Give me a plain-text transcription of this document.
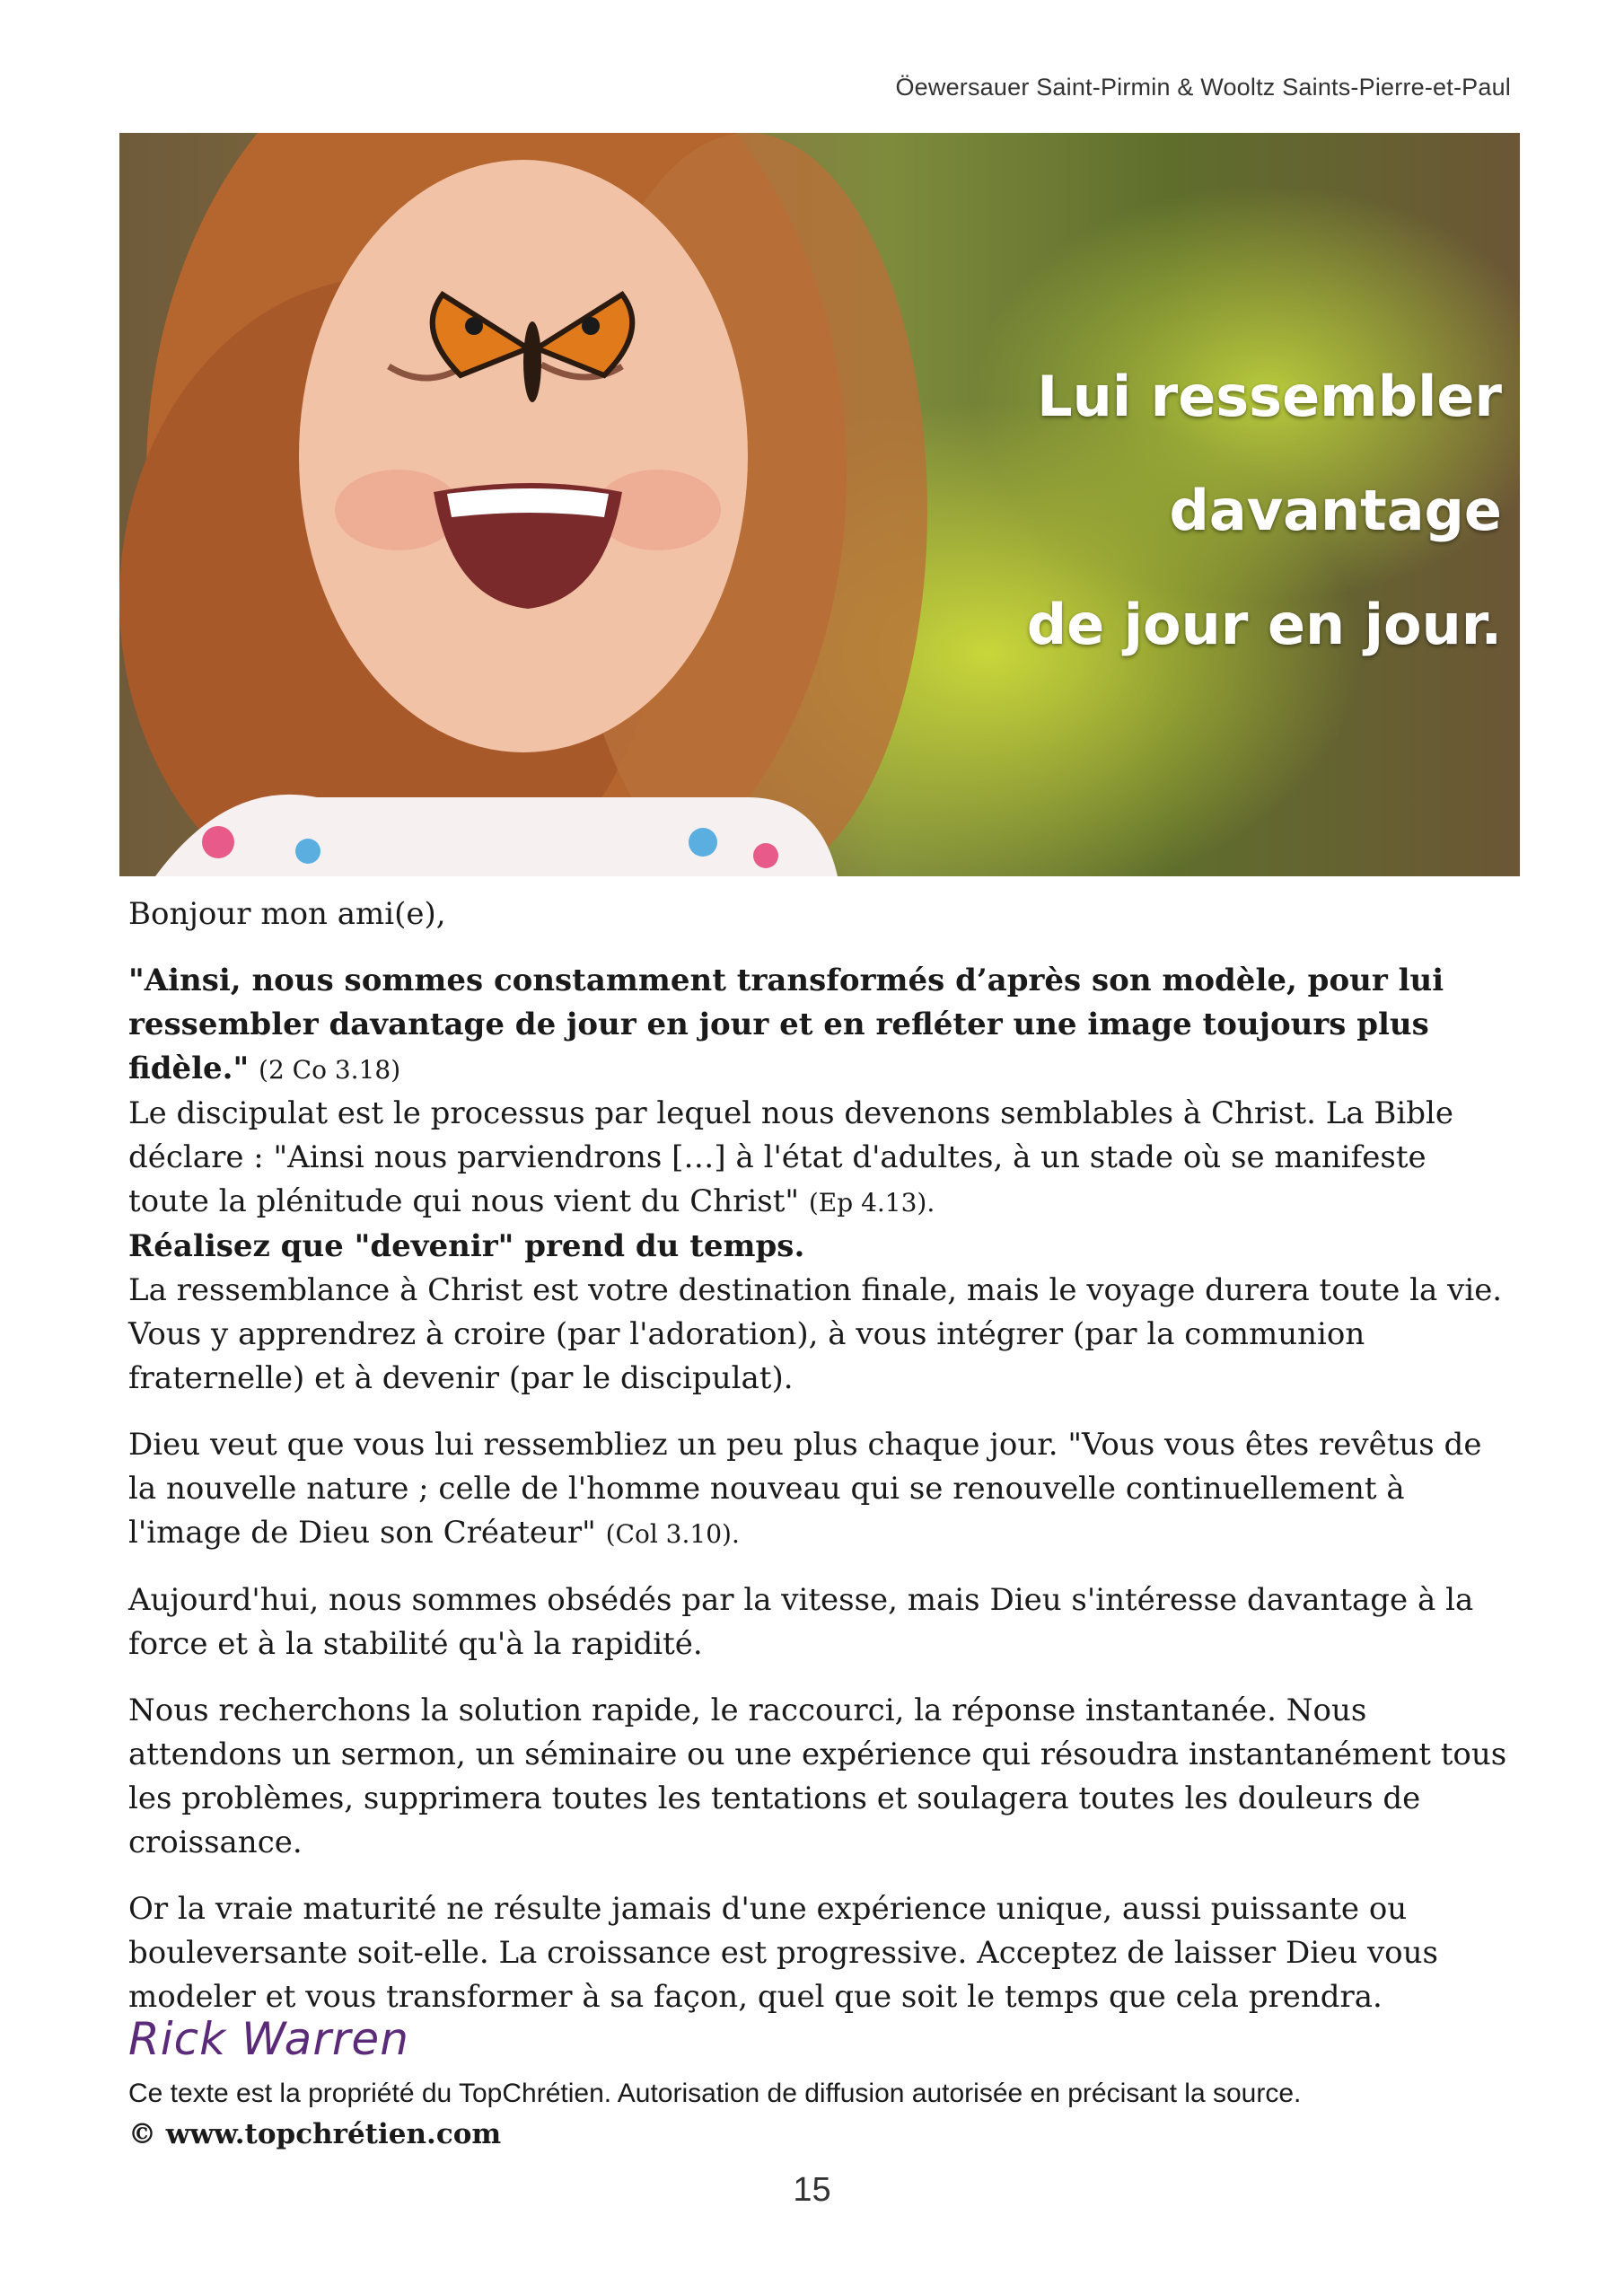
Öewersauer Saint-Pirmin & Wooltz Saints-Pierre-et-Paul
Lui ressembler
davantage
de jour en jour.

Bonjour mon ami(e),

"Ainsi, nous sommes constamment transformés d’après son modèle, pour lui ressembler davantage de jour en jour et en refléter une image toujours plus fidèle." (2 Co 3.18)

Le discipulat est le processus par lequel nous devenons semblables à Christ. La Bible déclare : "Ainsi nous parviendrons […] à l'état d'adultes, à un stade où se manifeste toute la plénitude qui nous vient du Christ" (Ep 4.13).

Réalisez que "devenir" prend du temps.

La ressemblance à Christ est votre destination finale, mais le voyage durera toute la vie. Vous y apprendrez à croire (par l'adoration), à vous intégrer (par la communion fraternelle) et à devenir (par le discipulat).

Dieu veut que vous lui ressembliez un peu plus chaque jour. "Vous vous êtes revêtus de la nouvelle nature ; celle de l'homme nouveau qui se renouvelle continuellement à l'image de Dieu son Créateur" (Col 3.10).

Aujourd'hui, nous sommes obsédés par la vitesse, mais Dieu s'intéresse davantage à la force et à la stabilité qu'à la rapidité.

Nous recherchons la solution rapide, le raccourci, la réponse instantanée. Nous attendons un sermon, un séminaire ou une expérience qui résoudra instantanément tous les problèmes, supprimera toutes les tentations et soulagera toutes les douleurs de croissance.

Or la vraie maturité ne résulte jamais d'une expérience unique, aussi puissante ou bouleversante soit-elle. La croissance est progressive. Acceptez de laisser Dieu vous modeler et vous transformer à sa façon, quel que soit le temps que cela prendra.

Rick Warren
Ce texte est la propriété du TopChrétien. Autorisation de diffusion autorisée en précisant la source.
© www.topchrétien.com
15
